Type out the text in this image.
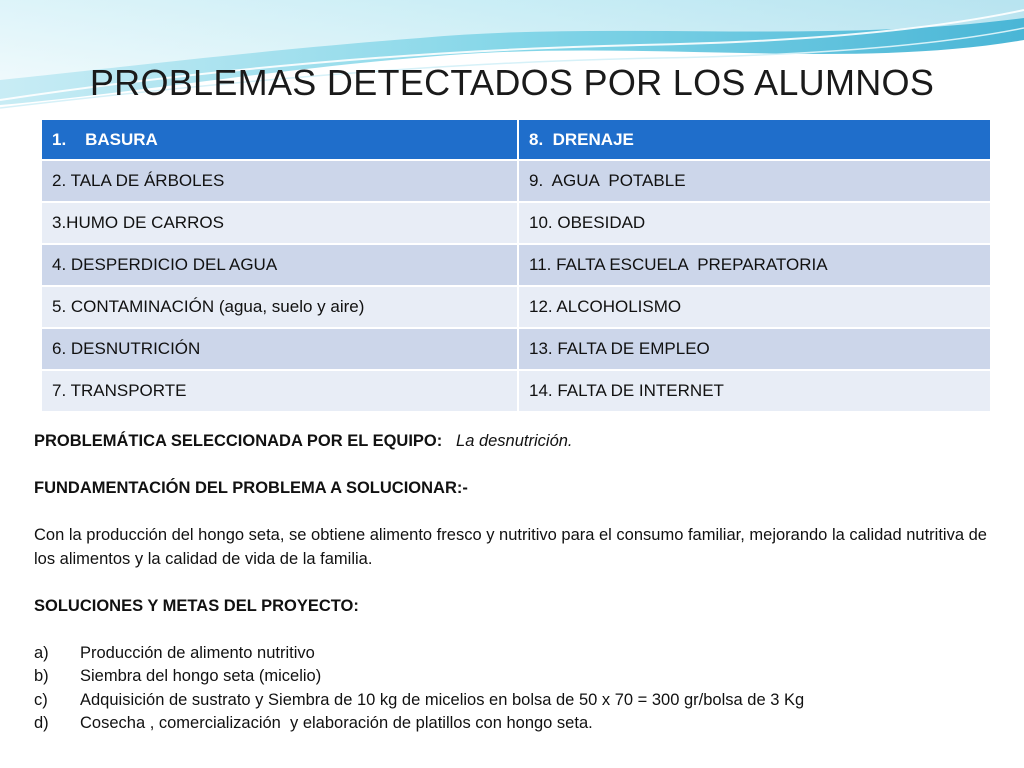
PROBLEMAS DETECTADOS POR LOS ALUMNOS
1.    BASURA	8.  DRENAJE
2. TALA DE ÁRBOLES	9.  AGUA  POTABLE
3.HUMO DE CARROS	10. OBESIDAD
4. DESPERDICIO DEL AGUA	11. FALTA ESCUELA  PREPARATORIA
5. CONTAMINACIÓN (agua, suelo y aire)	12. ALCOHOLISMO
6. DESNUTRICIÓN	13. FALTA DE EMPLEO
7. TRANSPORTE	14. FALTA DE INTERNET

PROBLEMÁTICA SELECCIONADA POR EL EQUIPO: La desnutrición.

FUNDAMENTACIÓN DEL PROBLEMA A SOLUCIONAR:-

Con la producción del hongo seta, se obtiene alimento fresco y nutritivo para el consumo familiar, mejorando la calidad nutritiva de los alimentos y la calidad de vida de la familia.

SOLUCIONES Y METAS DEL PROYECTO:

a)	Producción de alimento nutritivo
b)	Siembra del hongo seta (micelio)
c)	Adquisición de sustrato y Siembra de 10 kg de micelios en bolsa de 50 x 70 = 300 gr/bolsa de 3 Kg
d)	Cosecha , comercialización  y elaboración de platillos con hongo seta.
